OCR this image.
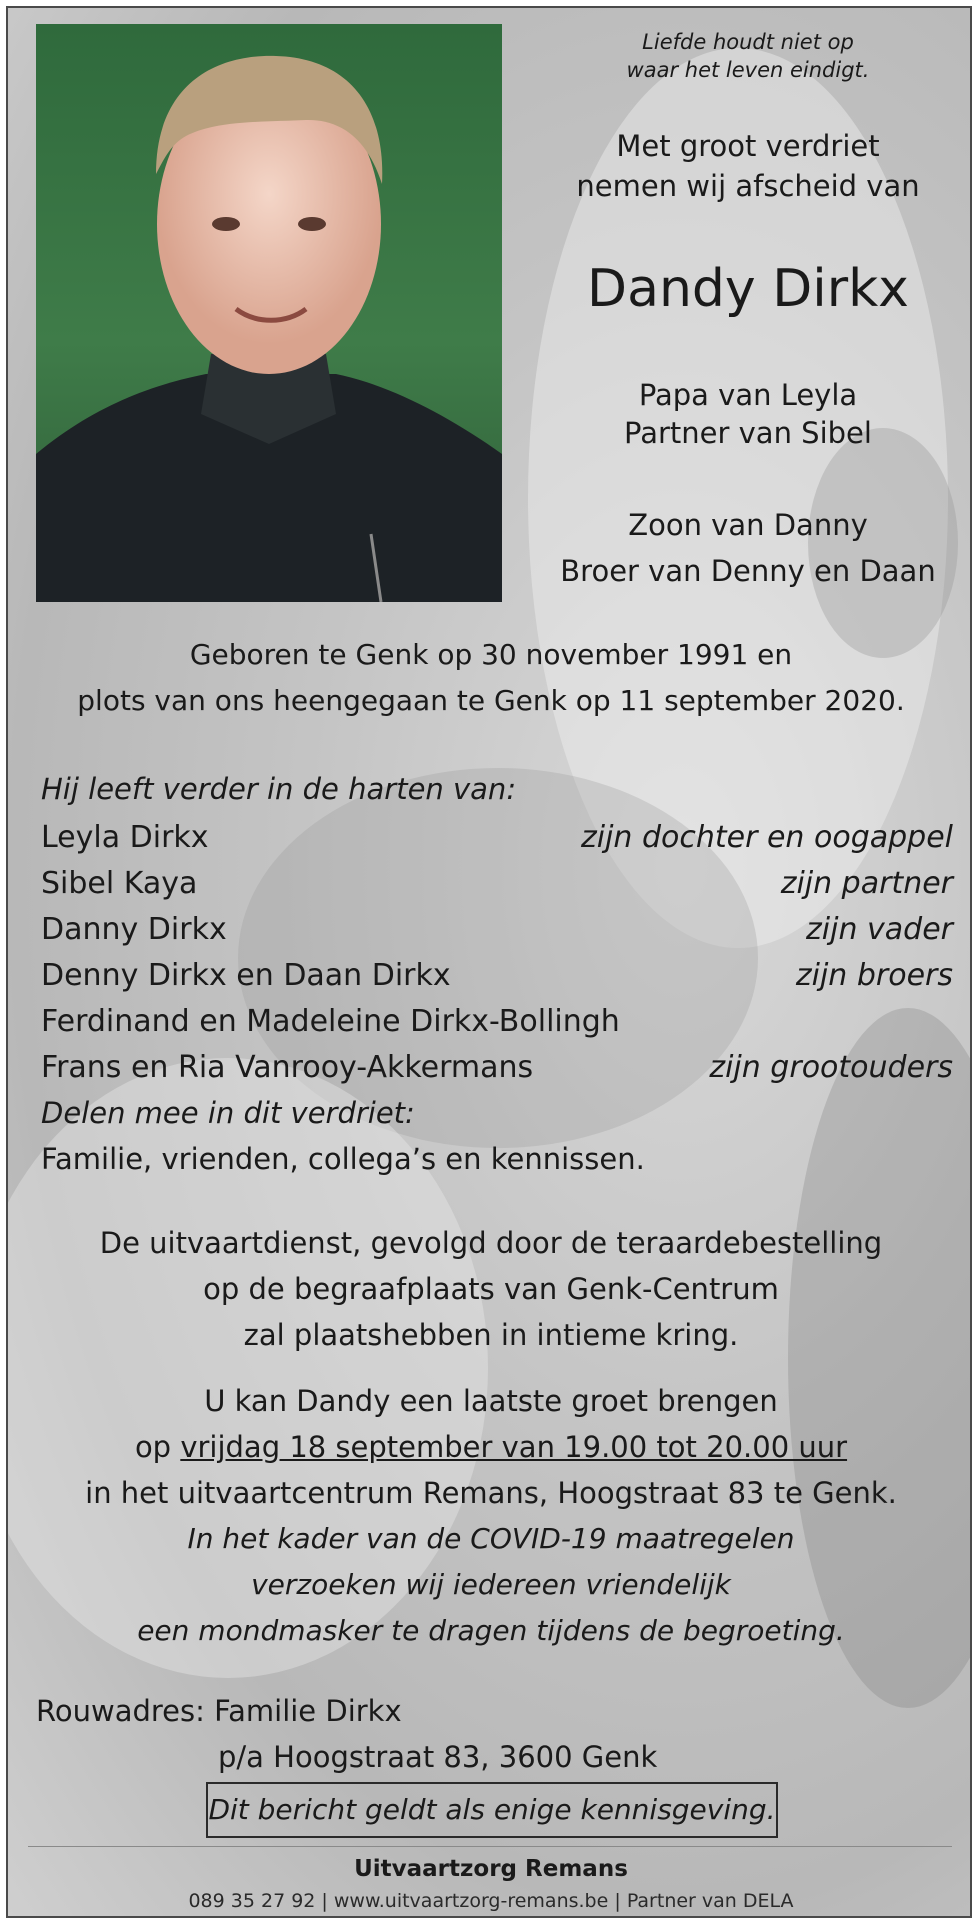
Liefde houdt niet op
waar het leven eindigt.
Met groot verdriet
nemen wij afscheid van
Dandy Dirkx
Papa van Leyla
Partner van Sibel
Zoon van Danny
Broer van Denny en Daan
Geboren te Genk op 30 november 1991 en
plots van ons heengegaan te Genk op 11 september 2020.
Hij leeft verder in de harten van:
Leyla Dirkx	zijn dochter en oogappel
Sibel Kaya	zijn partner
Danny Dirkx	zijn vader
Denny Dirkx en Daan Dirkx	zijn broers
Ferdinand en Madeleine Dirkx-Bollingh
Frans en Ria Vanrooy-Akkermans	zijn grootouders
Delen mee in dit verdriet:
Familie, vrienden, collega’s en kennissen.
De uitvaartdienst, gevolgd door de teraardebestelling
op de begraafplaats van Genk-Centrum
zal plaatshebben in intieme kring.
U kan Dandy een laatste groet brengen
op vrijdag 18 september van 19.00 tot 20.00 uur
in het uitvaartcentrum Remans, Hoogstraat 83 te Genk.
In het kader van de COVID-19 maatregelen
verzoeken wij iedereen vriendelijk
een mondmasker te dragen tijdens de begroeting.
Rouwadres: Familie Dirkx
p/a Hoogstraat 83, 3600 Genk
Dit bericht geldt als enige kennisgeving.
Uitvaartzorg Remans
089 35 27 92 | www.uitvaartzorg-remans.be | Partner van DELA
